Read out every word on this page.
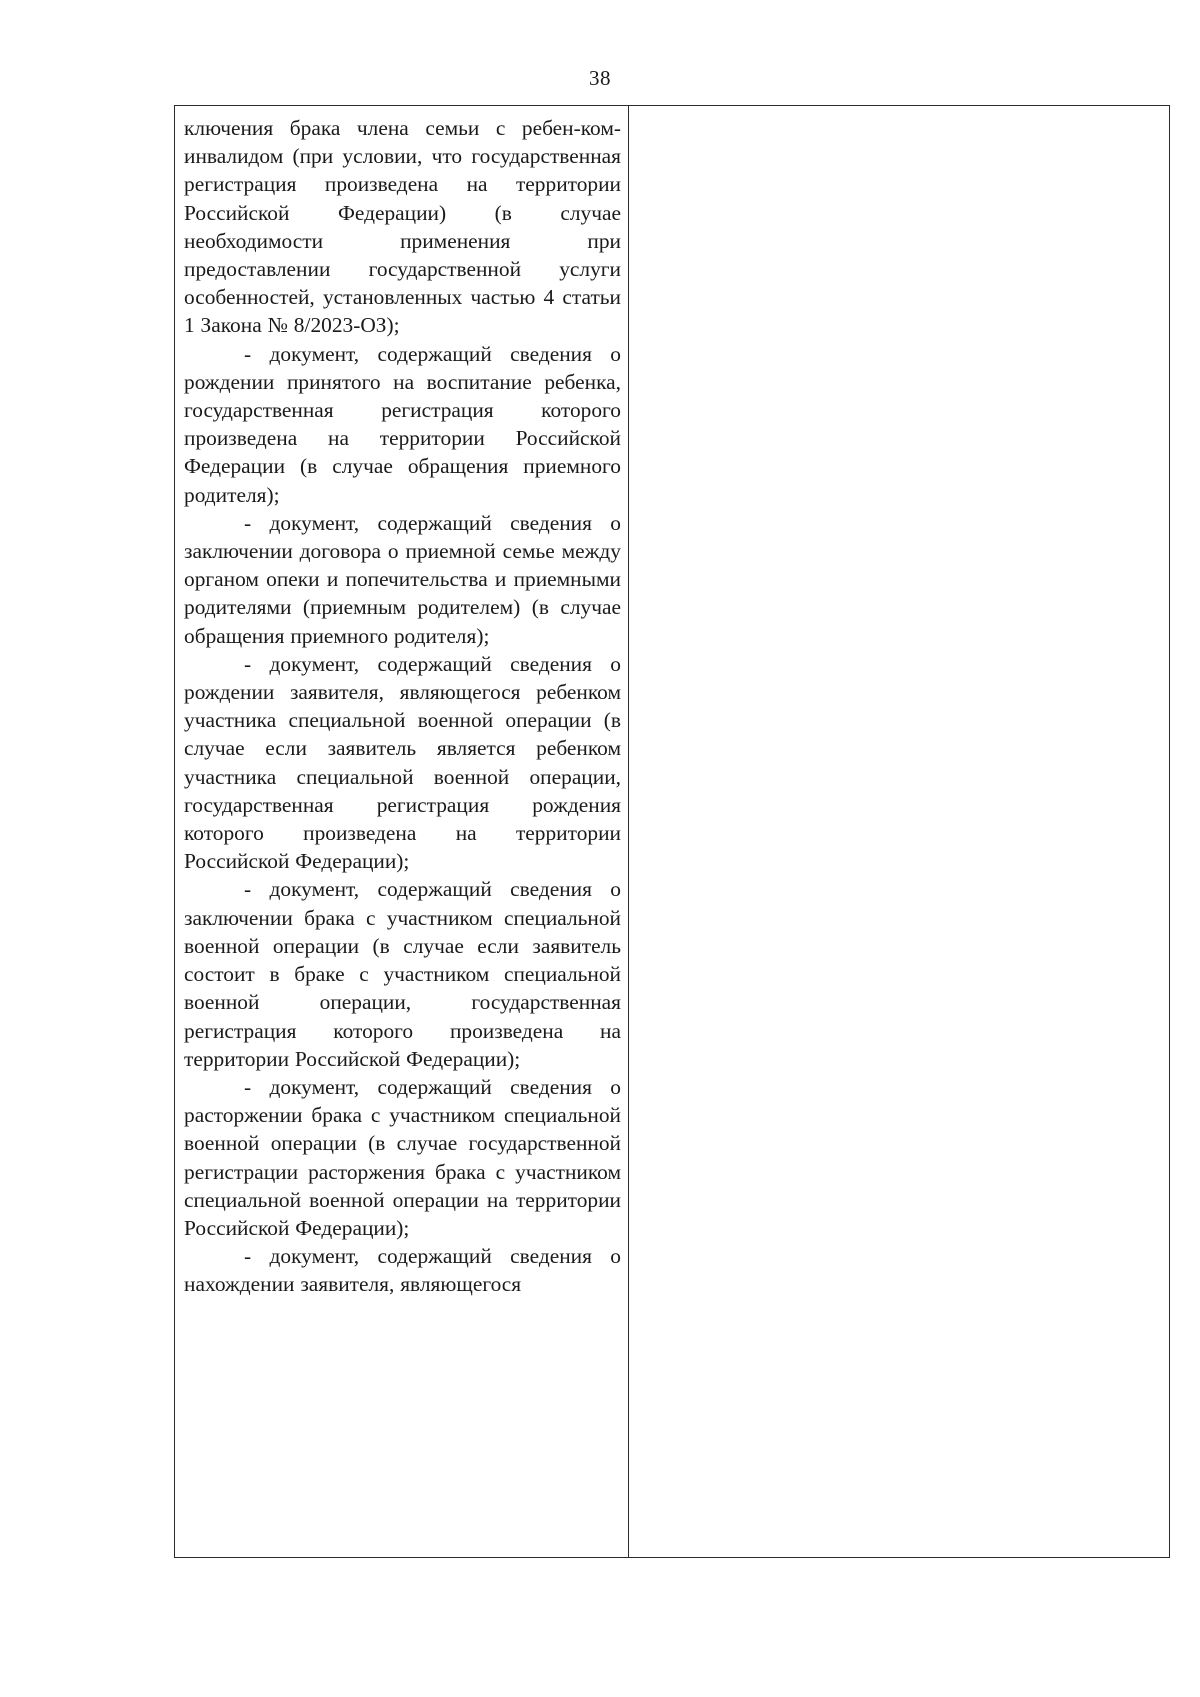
38

ключения брака члена семьи с ребен-ком-инвалидом (при условии, что государственная регистрация произведена на территории Российской Федерации) (в случае необходимости применения при предоставлении государственной услуги особенностей, установленных частью 4 статьи 1 Закона № 8/2023-ОЗ);

- документ, содержащий сведения о рождении принятого на воспитание ребенка, государственная регистрация которого произведена на территории Российской Федерации (в случае обращения приемного родителя);

- документ, содержащий сведения о заключении договора о приемной семье между органом опеки и попечительства и приемными родителями (приемным родителем) (в случае обращения приемного родителя);

- документ, содержащий сведения о рождении заявителя, являющегося ребенком участника специальной военной операции (в случае если заявитель является ребенком участника специальной военной операции, государственная регистрация рождения которого произведена на территории Российской Федерации);

- документ, содержащий сведения о заключении брака с участником специальной военной операции (в случае если заявитель состоит в браке с участником специальной военной операции, государственная регистрация которого произведена на территории Российской Федерации);

- документ, содержащий сведения о расторжении брака с участником специальной военной операции (в случае государственной регистрации расторжения брака с участником специальной военной операции на территории Российской Федерации);

- документ, содержащий сведения о нахождении заявителя, являющегося
